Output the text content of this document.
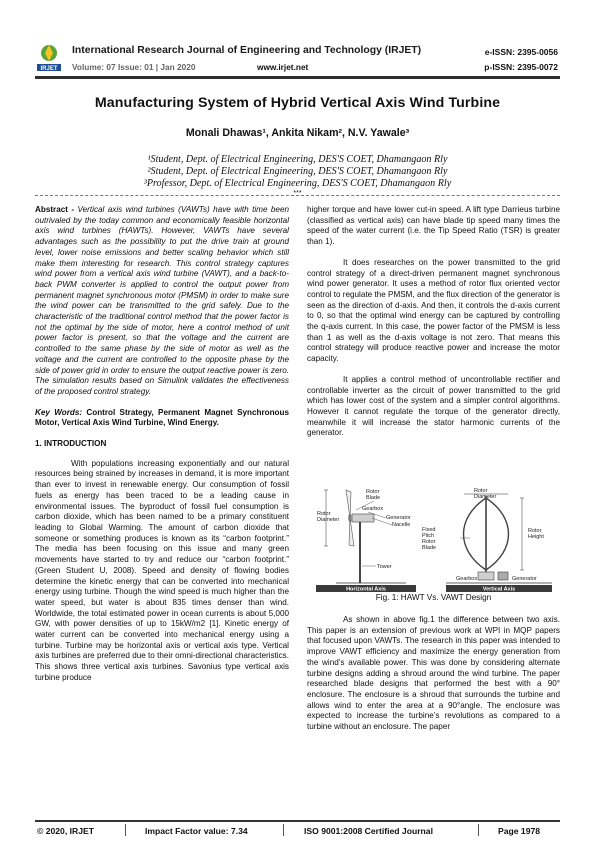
IRJET
International Research Journal of Engineering and Technology (IRJET)
Volume: 07 Issue: 01 | Jan 2020	www.irjet.net
e-ISSN: 2395-0056
p-ISSN: 2395-0072
Manufacturing System of Hybrid Vertical Axis Wind Turbine
Monali Dhawas¹, Ankita Nikam², N.V. Yawale³
¹Student, Dept. of Electrical Engineering, DES'S COET, Dhamangaon Rly
²Student, Dept. of Electrical Engineering, DES'S COET, Dhamangaon Rly
³Professor, Dept. of Electrical Engineering, DES'S COET, Dhamangaon Rly
***

Abstract - Vertical axis wind turbines (VAWTs) have with time been outrivaled by the today common and economically feasible horizontal axis wind turbines (HAWTs). However, VAWTs have several advantages such as the possibility to put the drive train at ground level, lower noise emissions and better scaling behavior which still make them interesting for research. This control strategy captures wind power from a vertical axis wind turbine (VAWT), and a back-to-back PWM converter is applied to control the output power from permanent magnet synchronous motor (PMSM) in order to make sure the wind power can be transmitted to the grid safely. Due to the characteristic of the traditional control method that the power factor is not the optimal by the side of motor, here a control method of unit power factor is present, so that the voltage and the current are controlled to the same phase by the side of motor as well as the voltage and the current are controlled to the opposite phase by the side of power grid in order to ensure the output reactive power is zero. The simulation results based on Simulink validates the effectiveness of the proposed control strategy.

Key Words: Control Strategy, Permanent Magnet Synchronous Motor, Vertical Axis Wind Turbine, Wind Energy.

1. INTRODUCTION

With populations increasing exponentially and our natural resources being strained by increases in demand, it is more important than ever to invest in renewable energy. Our consumption of fossil fuels as energy has been traced to be a leading cause in environmental issues. The byproduct of fossil fuel consumption is carbon dioxide, which has been named to be a primary constituent leading to Global Warming. The amount of carbon dioxide that someone or something produces is known as its “carbon footprint.” The media has been focusing on this issue and many green movements have started to try and reduce our “carbon footprint.” (Green Student U, 2008). Speed and density of flowing bodies determine the kinetic energy that can be converted into mechanical energy using turbine. Though the wind speed is much higher than the water speed, but water is about 835 times denser than wind. Worldwide, the total estimated power in ocean currents is about 5,000 GW, with power densities of up to 15kW/m2 [1]. Kinetic energy of water current can be converted into mechanical energy using a turbine. Turbine may be horizontal axis or vertical axis type. Vertical axis turbines are preferred due to their omni-directional characteristics. This shows three vertical axis turbines. Savonius type vertical axis turbine produce

higher torque and have lower cut-in speed. A lift type Darrieus turbine (classified as vertical axis) can have blade tip speed many times the speed of the water current (i.e. the Tip Speed Ratio (TSR) is greater than 1).

It does researches on the power transmitted to the grid control strategy of a direct-driven permanent magnet synchronous wind power generator. It uses a method of rotor flux oriented vector control to regulate the PMSM, and the flux direction of the generator is seen as the direction of d-axis. And then, it controls the d-axis current to 0, so that the optimal wind energy can be captured by controlling the q-axis current. In this case, the power factor of the PMSM is less than 1 as well as the d-axis voltage is not zero. That means this control strategy will produce reactive power and increase the motor capacity.

It applies a control method of uncontrollable rectifier and controllable inverter as the circuit of power transmitted to the grid which has lower cost of the system and a simpler control algorithms. However it cannot regulate the torque of the generator directly, meanwhile it will increase the stator harmonic currents of the generator.

Rotor Diameter
Rotor Blade
Gearbox
Generator
Nacelle
Tower
Horizontal Axis
Rotor Diameter
Fixed Pitch Rotor Blade
Rotor Height
Gearbox	Generator
Vertical Axis
Fig. 1: HAWT Vs. VAWT Design

As shown in above fig.1 the difference between two axis. This paper is an extension of previous work at WPI in MQP papers that focused upon VAWTs. The research in this paper was intended to improve VAWT efficiency and maximize the energy generation from the wind’s available power. This was done by considering alternate turbine designs adding a shroud around the wind turbine. The paper researched blade designs that performed the best with a 90° enclosure. The enclosure is a shroud that surrounds the turbine and allows wind to enter the area at a 90°angle. The enclosure was expected to increase the turbine’s revolutions as compared to a turbine without an enclosure. The paper

© 2020, IRJET	Impact Factor value: 7.34	ISO 9001:2008 Certified Journal	Page 1978
